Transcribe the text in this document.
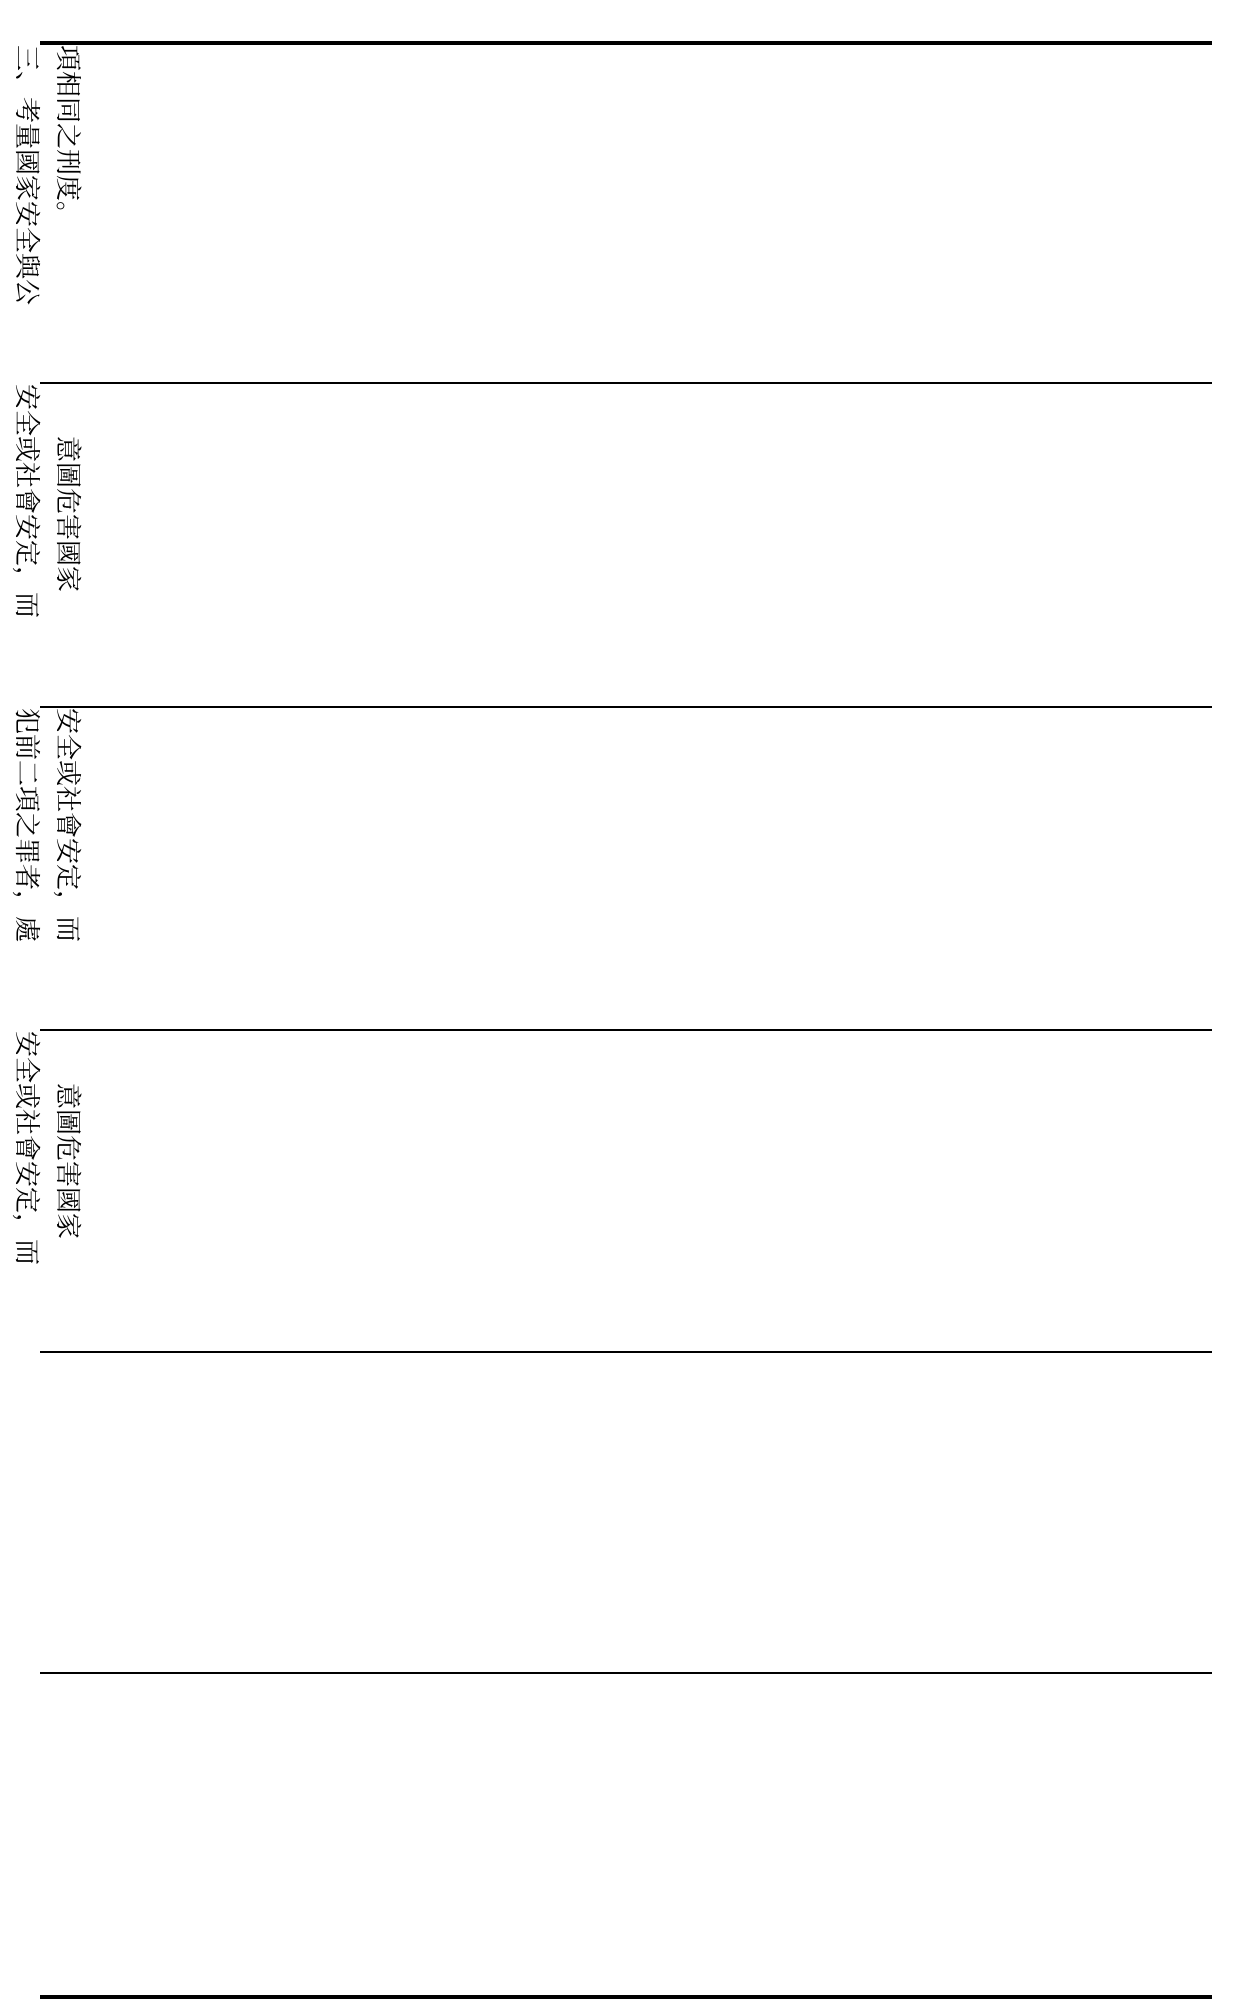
項相同之刑度。
三、考量國家安全與公
　　意圖危害國家
安全或社會安定，而
安全或社會安定，而
犯前二項之罪者，處
　　意圖危害國家
安全或社會安定，而
